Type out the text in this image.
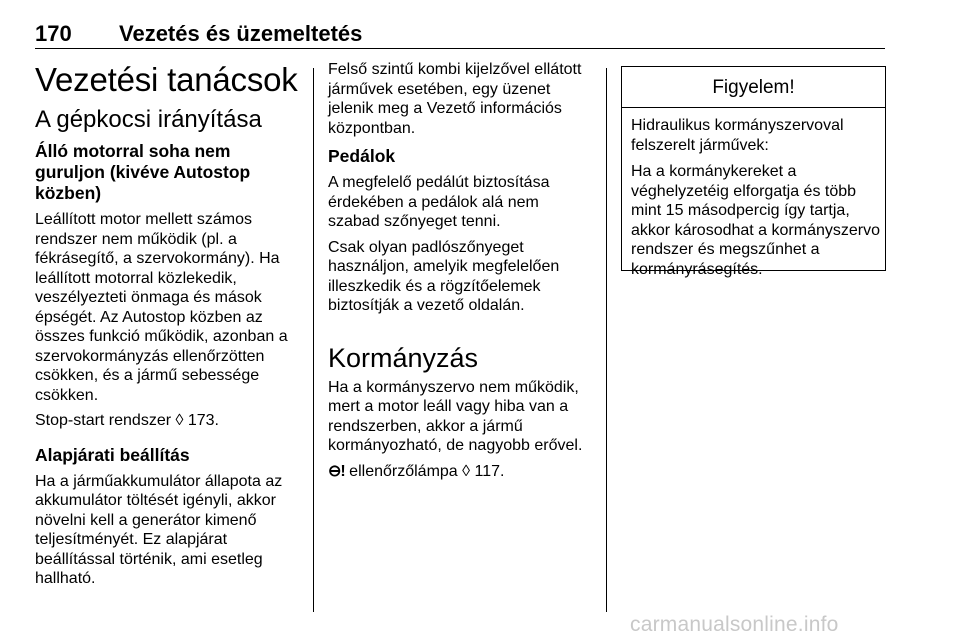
170 Vezetés és üzemeltetés
Vezetési tanácsok
A gépkocsi irányítása
Álló motorral soha nem guruljon (kivéve Autostop közben)

Leállított motor mellett számos rendszer nem működik (pl. a fékrásegítő, a szervokormány). Ha leállított motorral közlekedik, veszélyezteti önmaga és mások épségét. Az Autostop közben az összes funkció működik, azonban a szervokormányzás ellenőrzötten csökken, és a jármű sebessége csökken.

Stop-start rendszer ◊ 173.

Alapjárati beállítás

Ha a járműakkumulátor állapota az akkumulátor töltését igényli, akkor növelni kell a generátor kimenő teljesítményét. Ez alapjárat beállítással történik, ami esetleg hallható.

Felső szintű kombi kijelzővel ellátott járművek esetében, egy üzenet jelenik meg a Vezető információs központban.

Pedálok

A megfelelő pedálút biztosítása érdekében a pedálok alá nem szabad szőnyeget tenni.

Csak olyan padlószőnyeget használjon, amelyik megfelelően illeszkedik és a rögzítőelemek biztosítják a vezető oldalán.

Kormányzás

Ha a kormányszervo nem működik, mert a motor leáll vagy hiba van a rendszerben, akkor a jármű kormányozható, de nagyobb erővel.

⊖! ellenőrzőlámpa ◊ 117.

Figyelem!

Hidraulikus kormányszervoval felszerelt járművek:

Ha a kormánykereket a véghelyzetéig elforgatja és több mint 15 másodpercig így tartja, akkor károsodhat a kormányszervo rendszer és megszűnhet a kormányrásegítés.

carmanualsonline.info
